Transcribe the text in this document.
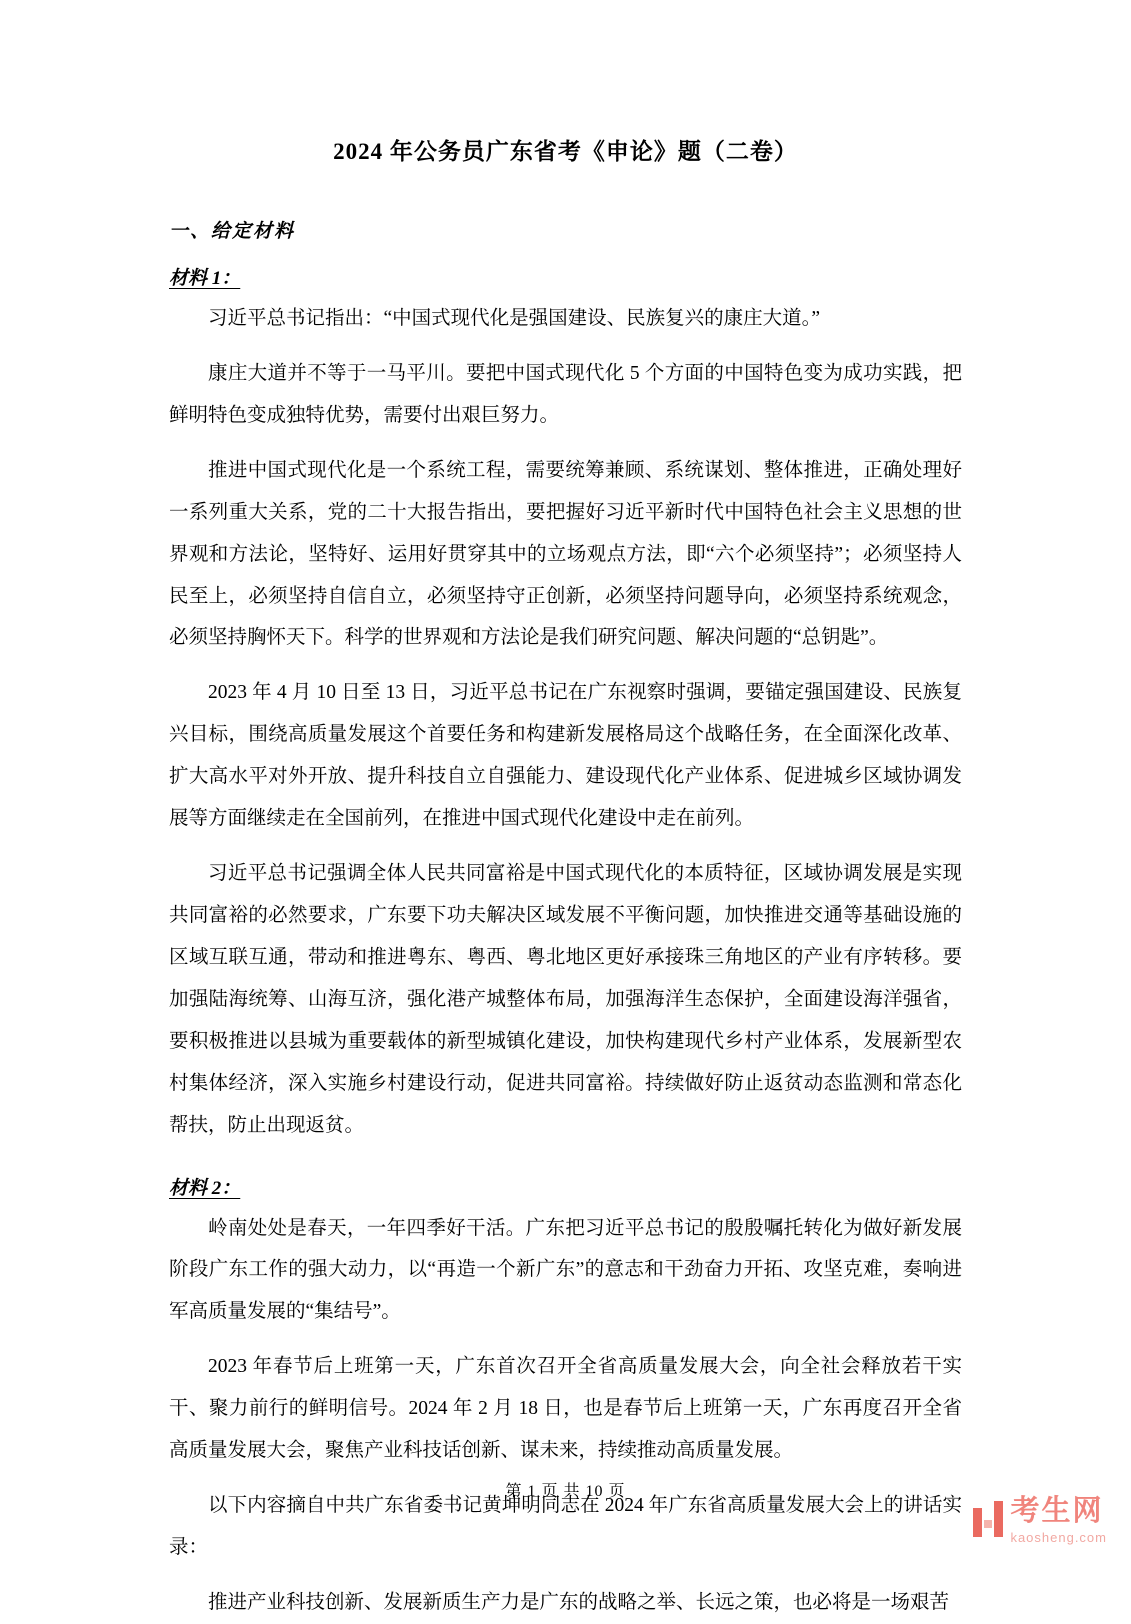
2024 年公务员广东省考《申论》题（二卷）
一、给定材料
材料 1：

习近平总书记指出：“中国式现代化是强国建设、民族复兴的康庄大道。”

康庄大道并不等于一马平川。要把中国式现代化 5 个方面的中国特色变为成功实践，把鲜明特色变成独特优势，需要付出艰巨努力。

推进中国式现代化是一个系统工程，需要统筹兼顾、系统谋划、整体推进，正确处理好一系列重大关系，党的二十大报告指出，要把握好习近平新时代中国特色社会主义思想的世界观和方法论，坚特好、运用好贯穿其中的立场观点方法，即“六个必须坚持”；必须坚持人民至上，必须坚持自信自立，必须坚持守正创新，必须坚持问题导向，必须坚持系统观念，必须坚持胸怀天下。科学的世界观和方法论是我们研究问题、解决问题的“总钥匙”。

2023 年 4 月 10 日至 13 日，习近平总书记在广东视察时强调，要锚定强国建设、民族复兴目标，围绕高质量发展这个首要任务和构建新发展格局这个战略任务，在全面深化改革、扩大高水平对外开放、提升科技自立自强能力、建设现代化产业体系、促进城乡区域协调发展等方面继续走在全国前列，在推进中国式现代化建设中走在前列。

习近平总书记强调全体人民共同富裕是中国式现代化的本质特征，区域协调发展是实现共同富裕的必然要求，广东要下功夫解决区域发展不平衡问题，加快推进交通等基础设施的区域互联互通，带动和推进粤东、粤西、粤北地区更好承接珠三角地区的产业有序转移。要加强陆海统筹、山海互济，强化港产城整体布局，加强海洋生态保护，全面建设海洋强省，要积极推进以县城为重要载体的新型城镇化建设，加快构建现代乡村产业体系，发展新型农村集体经济，深入实施乡村建设行动，促进共同富裕。持续做好防止返贫动态监测和常态化帮扶，防止出现返贫。

材料 2：

岭南处处是春天，一年四季好干活。广东把习近平总书记的殷殷嘱托转化为做好新发展阶段广东工作的强大动力，以“再造一个新广东”的意志和干劲奋力开拓、攻坚克难，奏响进军高质量发展的“集结号”。

2023 年春节后上班第一天，广东首次召开全省高质量发展大会，向全社会释放若干实干、聚力前行的鲜明信号。2024 年 2 月 18 日，也是春节后上班第一天，广东再度召开全省高质量发展大会，聚焦产业科技话创新、谋未来，持续推动高质量发展。

以下内容摘自中共广东省委书记黄坤明同志在 2024 年广东省高质量发展大会上的讲话实录：

推进产业科技创新、发展新质生产力是广东的战略之举、长远之策，也必将是一场艰苦

第 1 页 共 10 页
考生网
kaosheng.com
